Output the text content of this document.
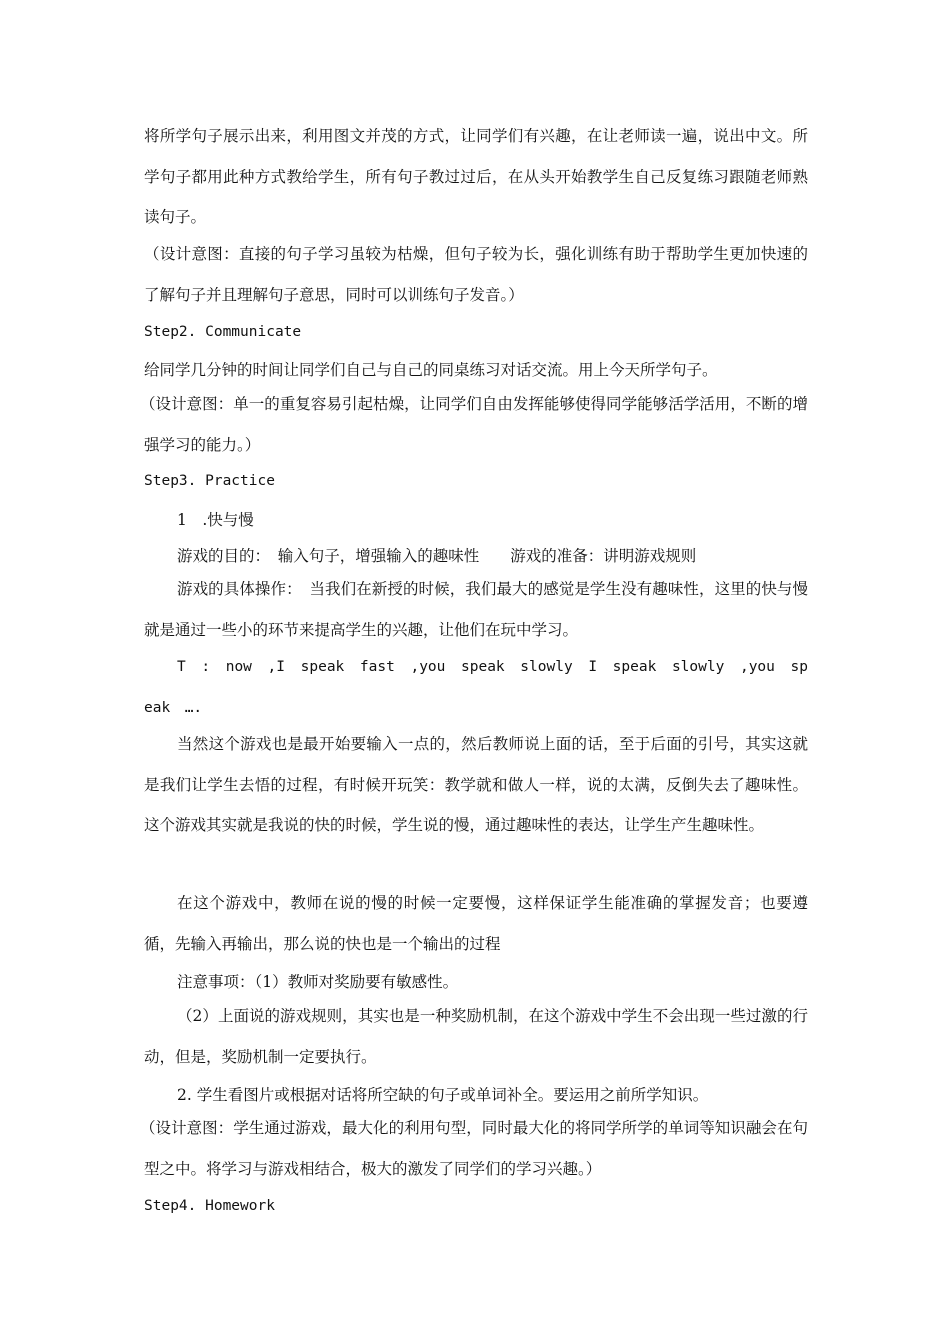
将所学句子展示出来，利用图文并茂的方式，让同学们有兴趣，在让老师读一遍，说出中文。所学句子都用此种方式教给学生，所有句子教过过后，在从头开始教学生自己反复练习跟随老师熟读句子。

（设计意图：直接的句子学习虽较为枯燥，但句子较为长，强化训练有助于帮助学生更加快速的了解句子并且理解句子意思，同时可以训练句子发音。）

Step2. Communicate

给同学几分钟的时间让同学们自己与自己的同桌练习对话交流。用上今天所学句子。

（设计意图：单一的重复容易引起枯燥，让同学们自由发挥能够使得同学能够活学活用，不断的增强学习的能力。）

Step3. Practice

1　.快与慢

游戏的目的：　输入句子，增强输入的趣味性　　游戏的准备：讲明游戏规则

游戏的具体操作：　当我们在新授的时候，我们最大的感觉是学生没有趣味性，这里的快与慢就是通过一些小的环节来提高学生的兴趣，让他们在玩中学习。

T : now ,I speak fast ,you speak slowly I speak slowly ,you sp
eak　….

当然这个游戏也是最开始要输入一点的，然后教师说上面的话，至于后面的引号，其实这就是我们让学生去悟的过程，有时候开玩笑：教学就和做人一样，说的太满，反倒失去了趣味性。这个游戏其实就是我说的快的时候，学生说的慢，通过趣味性的表达，让学生产生趣味性。

在这个游戏中，教师在说的慢的时候一定要慢，这样保证学生能准确的掌握发音；也要遵循，先输入再输出，那么说的快也是一个输出的过程

注意事项：（1）教师对奖励要有敏感性。

（2）上面说的游戏规则，其实也是一种奖励机制，在这个游戏中学生不会出现一些过激的行动，但是，奖励机制一定要执行。

2. 学生看图片或根据对话将所空缺的句子或单词补全。要运用之前所学知识。

（设计意图：学生通过游戏，最大化的利用句型，同时最大化的将同学所学的单词等知识融会在句型之中。将学习与游戏相结合，极大的激发了同学们的学习兴趣。）

Step4. Homework
